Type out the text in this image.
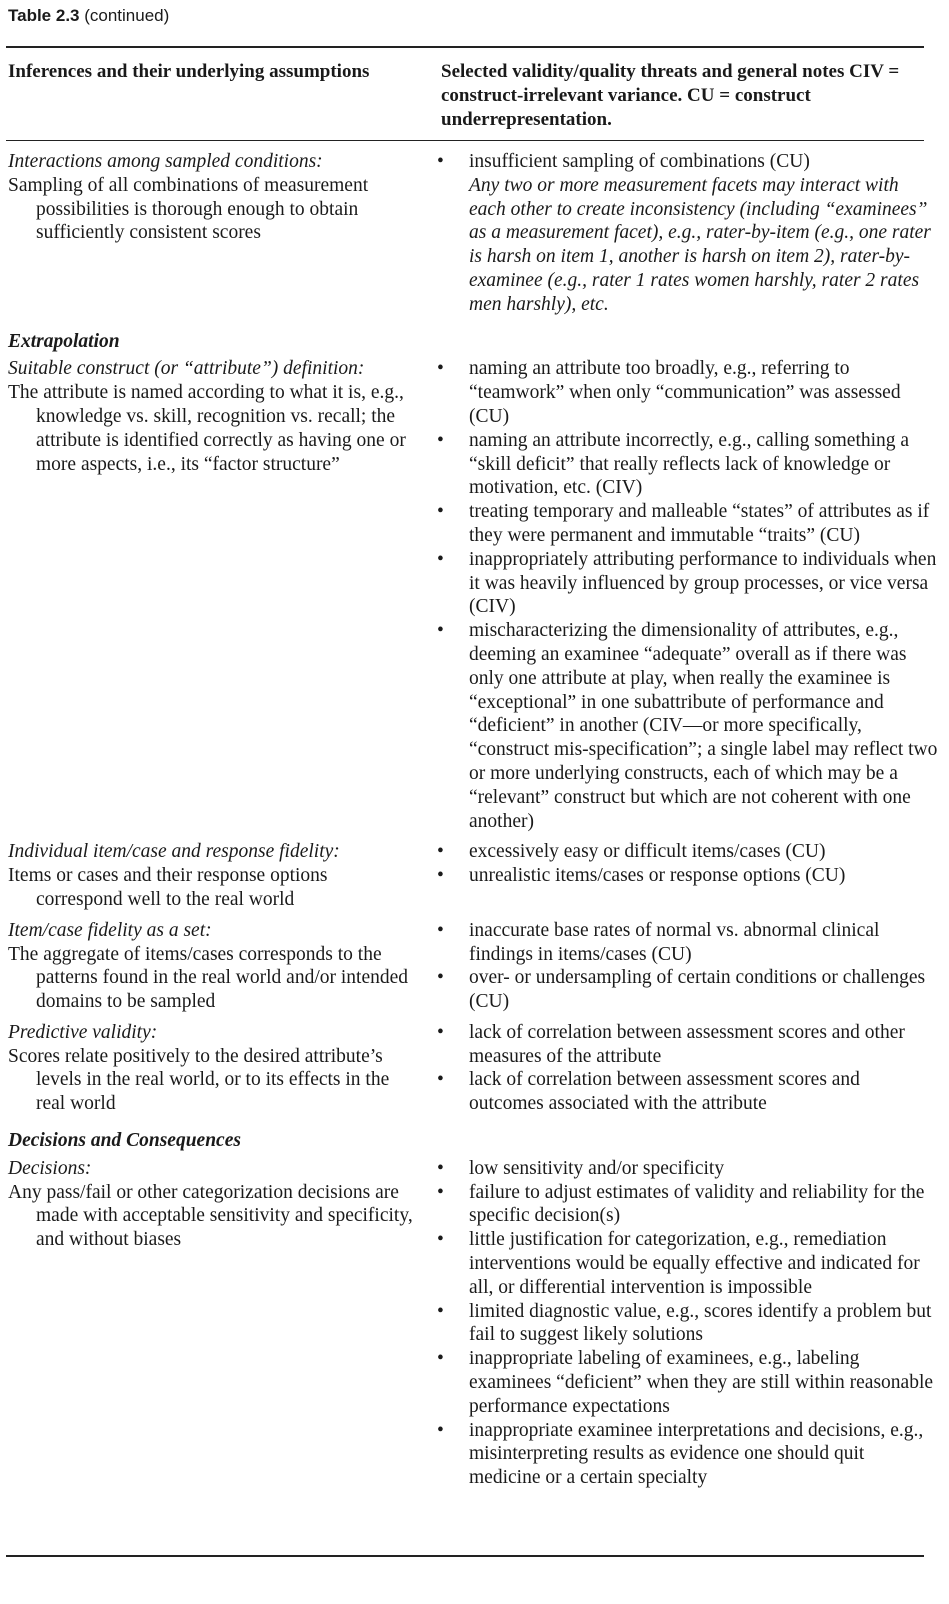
Table 2.3 (continued)
Inferences and their underlying assumptions	Selected validity/quality threats and general notes CIV = construct-irrelevant variance. CU = construct underrepresentation.
Interactions among sampled conditions:
Sampling of all combinations of measurement possibilities is thorough enough to obtain sufficiently consistent scores
• insufficient sampling of combinations (CU)
Any two or more measurement facets may interact with each other to create inconsistency (including “examinees” as a measurement facet), e.g., rater-by-item (e.g., one rater is harsh on item 1, another is harsh on item 2), rater-by-examinee (e.g., rater 1 rates women harshly, rater 2 rates men harshly), etc.
Extrapolation
Suitable construct (or “attribute”) definition:
The attribute is named according to what it is, e.g., knowledge vs. skill, recognition vs. recall; the attribute is identified correctly as having one or more aspects, i.e., its “factor structure”
• naming an attribute too broadly, e.g., referring to “teamwork” when only “communication” was assessed (CU)
• naming an attribute incorrectly, e.g., calling something a “skill deficit” that really reflects lack of knowledge or motivation, etc. (CIV)
• treating temporary and malleable “states” of attributes as if they were permanent and immutable “traits” (CU)
• inappropriately attributing performance to individuals when it was heavily influenced by group processes, or vice versa (CIV)
• mischaracterizing the dimensionality of attributes, e.g., deeming an examinee “adequate” overall as if there was only one attribute at play, when really the examinee is “exceptional” in one subattribute of performance and “deficient” in another (CIV—or more specifically, “construct mis-specification”; a single label may reflect two or more underlying constructs, each of which may be a “relevant” construct but which are not coherent with one another)
Individual item/case and response fidelity:
Items or cases and their response options correspond well to the real world
• excessively easy or difficult items/cases (CU)
• unrealistic items/cases or response options (CU)
Item/case fidelity as a set:
The aggregate of items/cases corresponds to the patterns found in the real world and/or intended domains to be sampled
• inaccurate base rates of normal vs. abnormal clinical findings in items/cases (CU)
• over- or undersampling of certain conditions or challenges (CU)
Predictive validity:
Scores relate positively to the desired attribute’s levels in the real world, or to its effects in the real world
• lack of correlation between assessment scores and other measures of the attribute
• lack of correlation between assessment scores and outcomes associated with the attribute
Decisions and Consequences
Decisions:
Any pass/fail or other categorization decisions are made with acceptable sensitivity and specificity, and without biases
• low sensitivity and/or specificity
• failure to adjust estimates of validity and reliability for the specific decision(s)
• little justification for categorization, e.g., remediation interventions would be equally effective and indicated for all, or differential intervention is impossible
• limited diagnostic value, e.g., scores identify a problem but fail to suggest likely solutions
• inappropriate labeling of examinees, e.g., labeling examinees “deficient” when they are still within reasonable performance expectations
• inappropriate examinee interpretations and decisions, e.g., misinterpreting results as evidence one should quit medicine or a certain specialty
